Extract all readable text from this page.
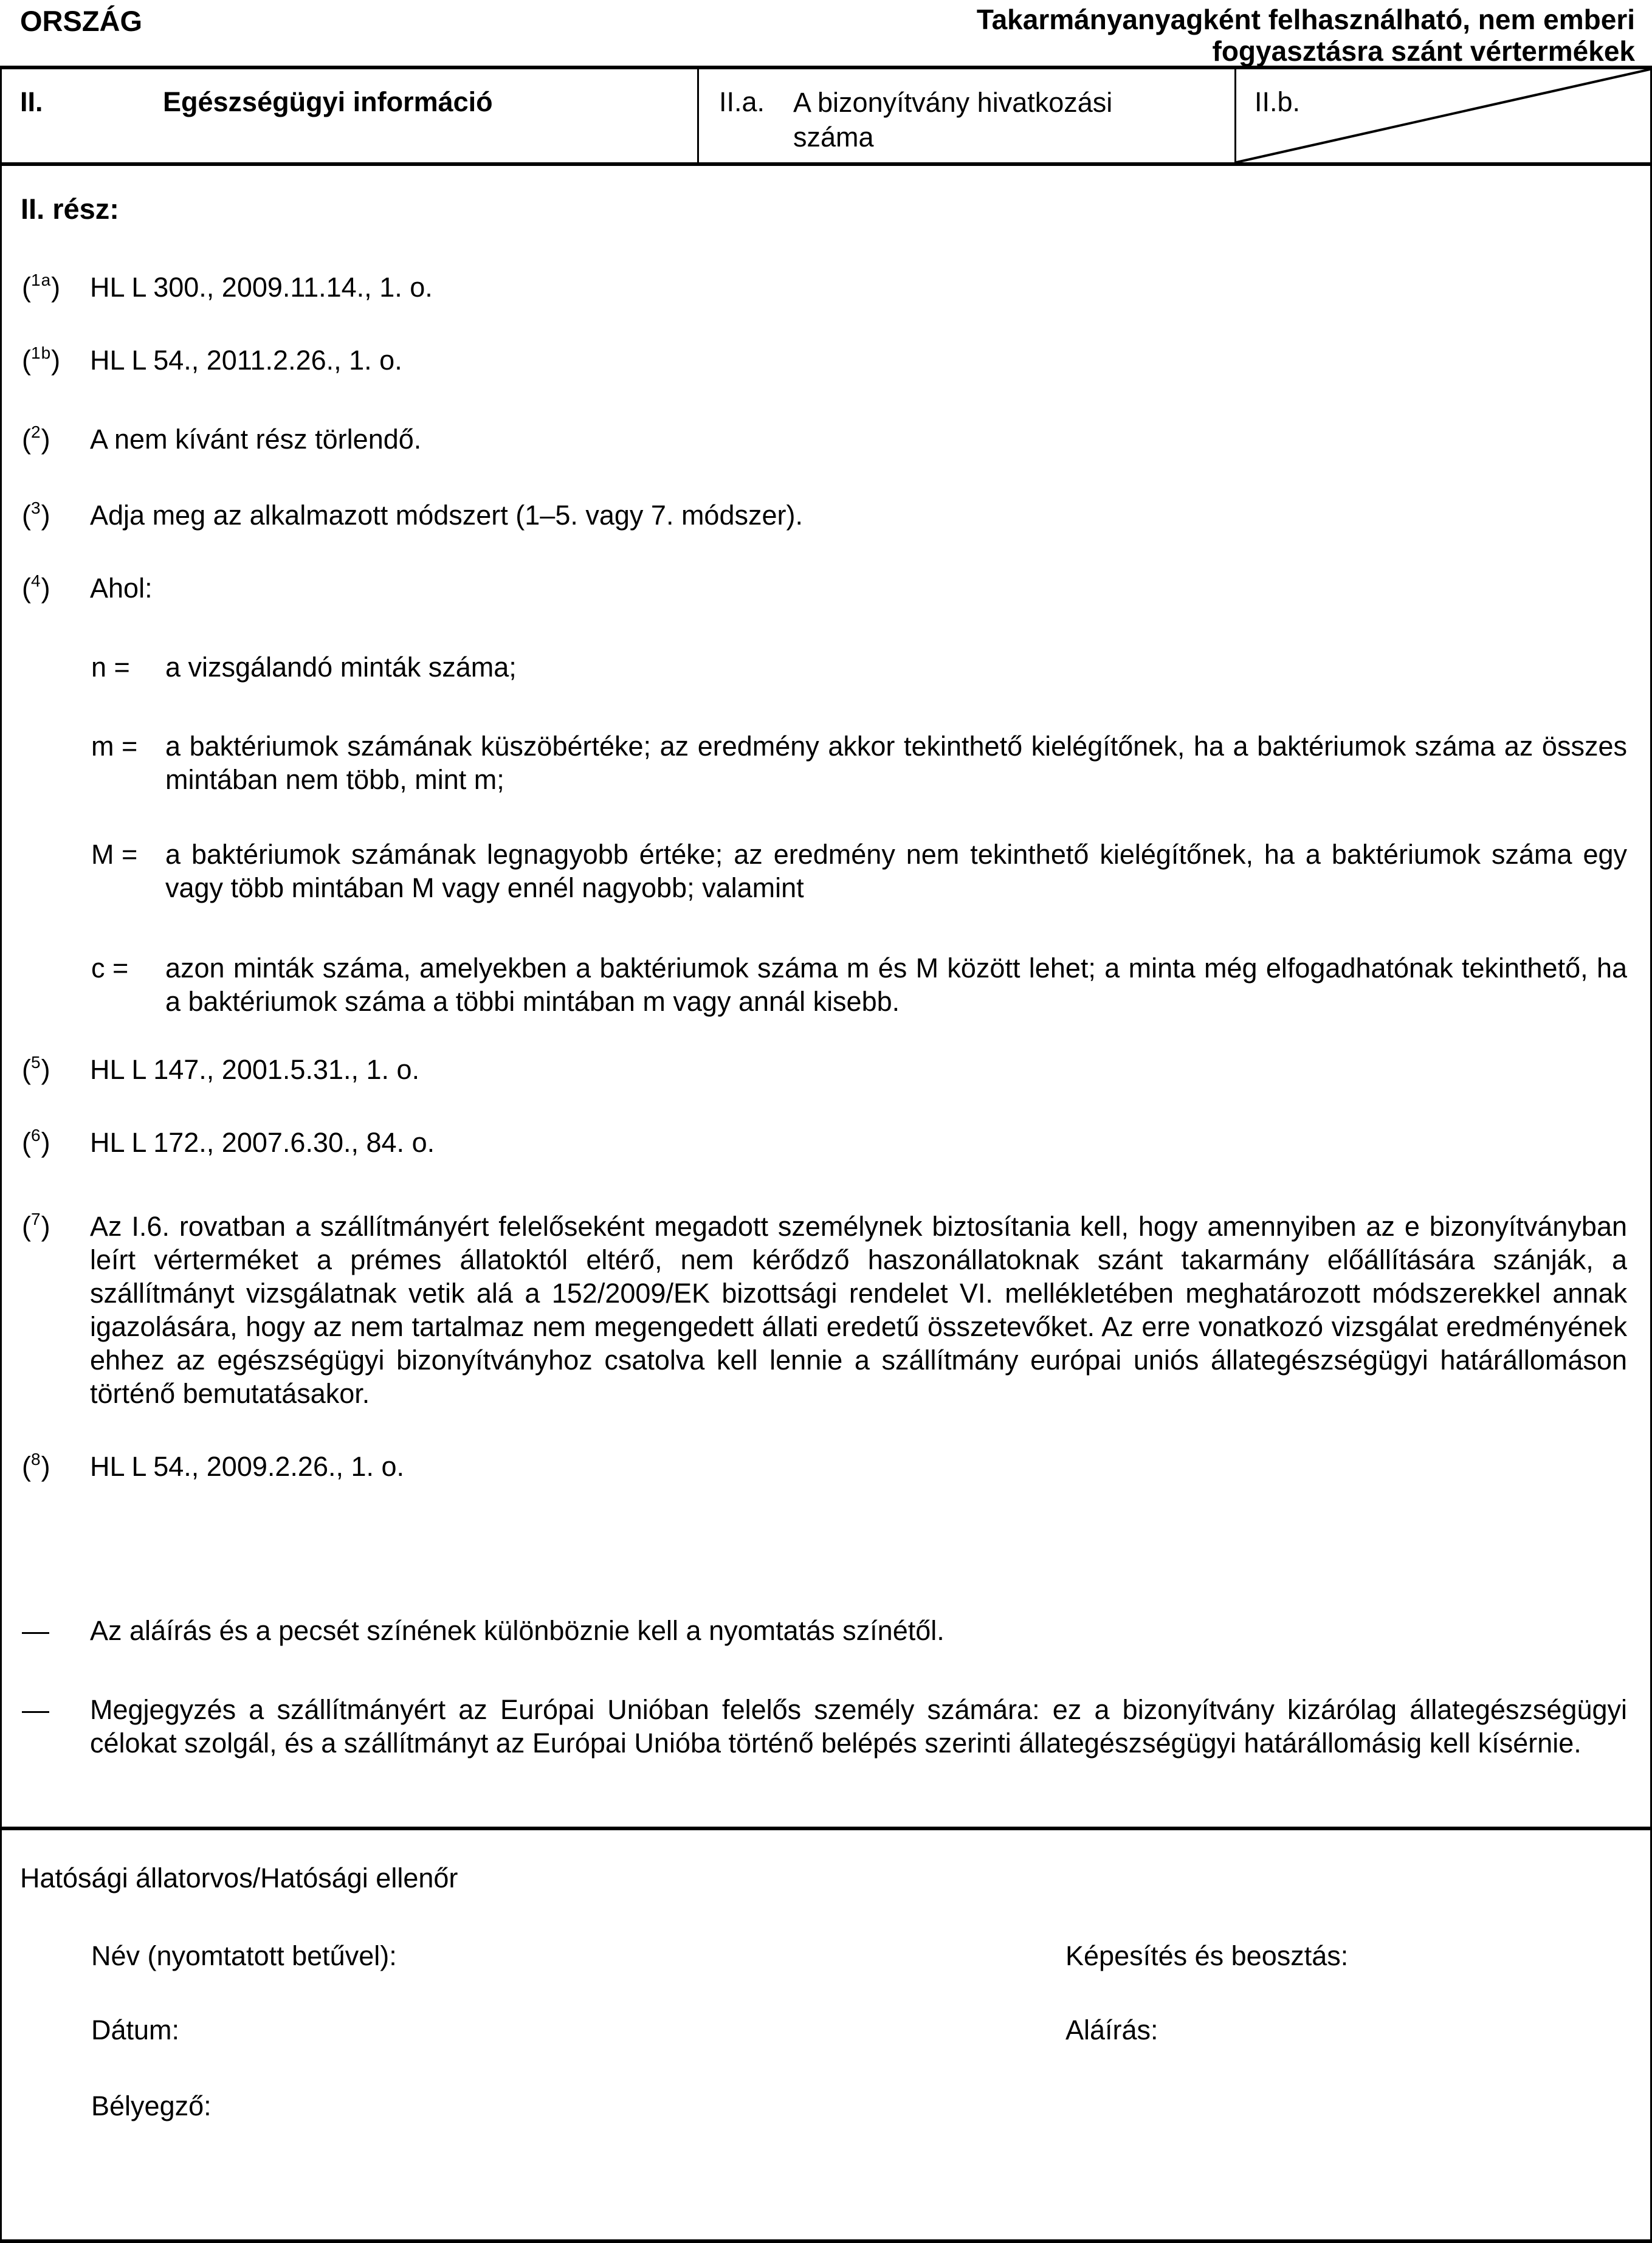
ORSZÁG	Takarmányanyagként felhasználható, nem emberi
fogyasztásra szánt vértermékek
II.	Egészségügyi információ	II.a. A bizonyítvány hivatkozási száma
II.b.
II. rész:
($^{1a}$) HL L 300., 2009.11.14., 1. o.
($^{1b}$) HL L 54., 2011.2.26., 1. o.
($^2$) A nem kívánt rész törlendő.
($^3$) Adja meg az alkalmazott módszert (1–5. vagy 7. módszer).
($^4$) Ahol:
n = a vizsgálandó minták száma;
m = a baktériumok számának küszöbértéke; az eredmény akkor tekinthető kielégítőnek, ha a baktériumok száma az összes mintában nem több, mint m;
M = a baktériumok számának legnagyobb értéke; az eredmény nem tekinthető kielégítőnek, ha a baktériumok száma egy vagy több mintában M vagy ennél nagyobb; valamint
c = azon minták száma, amelyekben a baktériumok száma m és M között lehet; a minta még elfogadhatónak tekinthető, ha a baktériumok száma a többi mintában m vagy annál kisebb.
($^5$) HL L 147., 2001.5.31., 1. o.
($^6$) HL L 172., 2007.6.30., 84. o.
($^7$) Az I.6. rovatban a szállítmányért felelőseként megadott személynek biztosítania kell, hogy amennyiben az e bizonyítványban leírt vérterméket a prémes állatoktól eltérő, nem kérődző haszonállatoknak szánt takarmány előállítására szánják, a szállítmányt vizsgálatnak vetik alá a 152/2009/EK bizottsági rendelet VI. mellékletében meghatározott módszerekkel annak igazolására, hogy az nem tartalmaz nem megengedett állati eredetű összetevőket. Az erre vonatkozó vizsgálat eredményének ehhez az egészségügyi bizonyítványhoz csatolva kell lennie a szállítmány európai uniós állategészségügyi határállomáson történő bemutatásakor.
($^8$) HL L 54., 2009.2.26., 1. o.
— Az aláírás és a pecsét színének különböznie kell a nyomtatás színétől.
— Megjegyzés a szállítmányért az Európai Unióban felelős személy számára: ez a bizonyítvány kizárólag állategészségügyi célokat szolgál, és a szállítmányt az Európai Unióba történő belépés szerinti állategészségügyi határállomásig kell kísérnie.
Hatósági állatorvos/Hatósági ellenőr
Név (nyomtatott betűvel):	Képesítés és beosztás:
Dátum:	Aláírás:
Bélyegző:
